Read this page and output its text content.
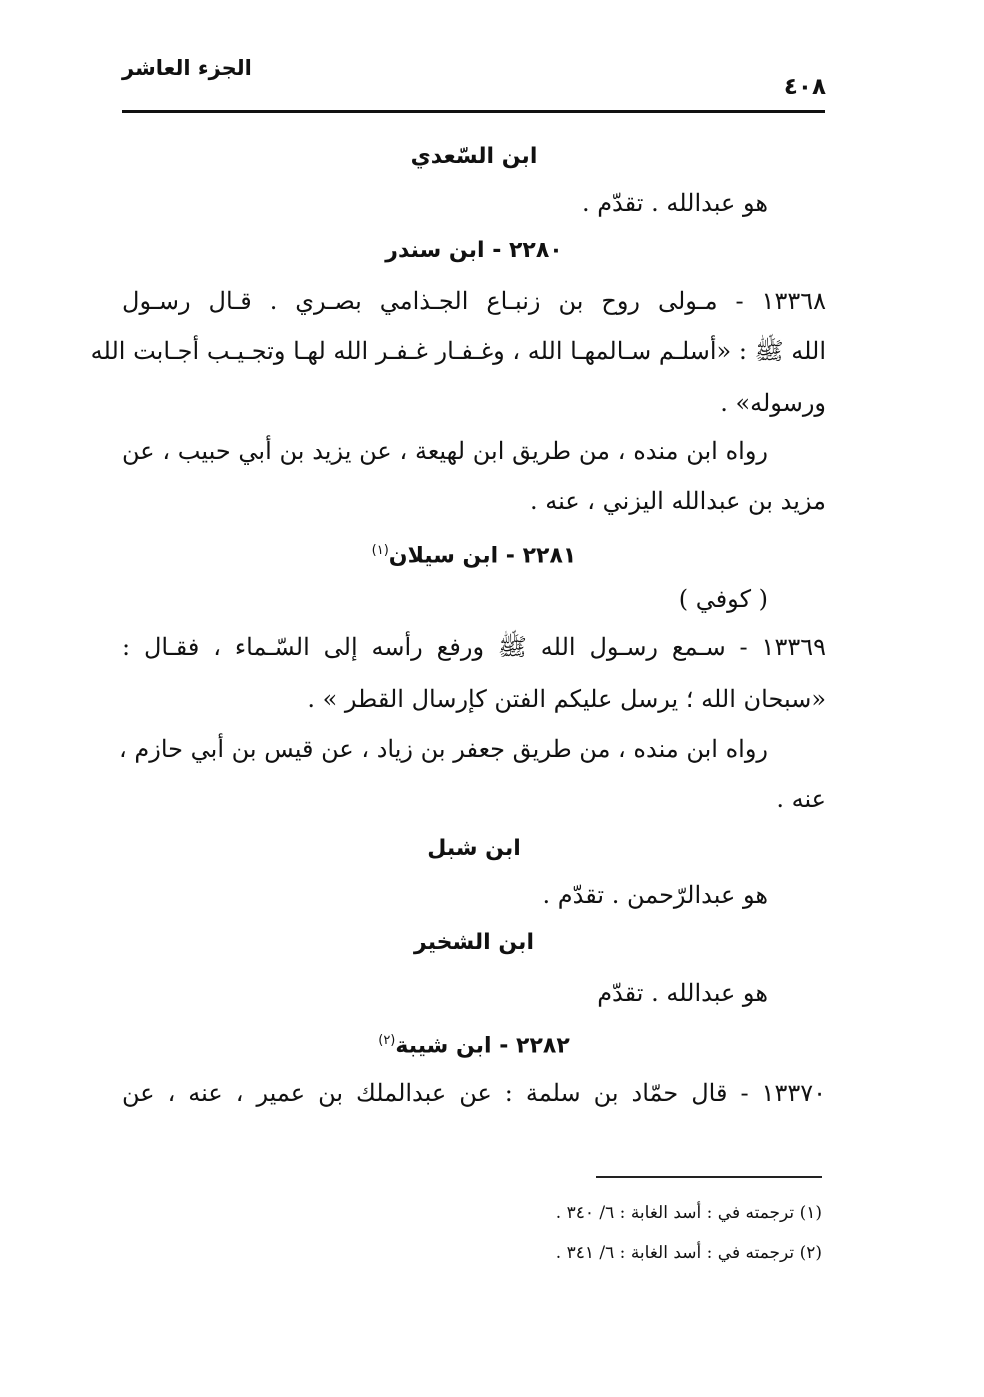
الجزء العاشر
٤٠٨
ابن السّعدي
هو عبدالله . تقدّم .
٢٢٨٠ - ابن سندر
١٣٣٦٨ - مـولى روح بن زنبـاع الجـذامي بصـري . قـال رسـول
الله ﷺ : «أسلـم سـالمهـا الله ، وغـفـار غـفـر الله لهـا وتجـيـب أجـابت الله
ورسوله» .
رواه ابن منده ، من طريق ابن لهيعة ، عن يزيد بن أبي حبيب ، عن
مزيد بن عبدالله اليزني ، عنه .
٢٢٨١ - ابن سيلان$^{(١)}$
( كوفي )
١٣٣٦٩ - سـمع رسـول الله ﷺ ورفع رأسه إلى السّـماء ، فقـال :
«سبحان الله ؛ يرسل عليكم الفتن كإرسال القطر » .
رواه ابن منده ، من طريق جعفر بن زياد ، عن قيس بن أبي حازم ،
عنه .
ابن شبل
هو عبدالرّحمن . تقدّم .
ابن الشخير
هو عبدالله . تقدّم
٢٢٨٢ - ابن شيبة$^{(٢)}$
١٣٣٧٠ - قال حمّاد بن سلمة : عن عبدالملك بن عمير ، عنه ، عن
(١) ترجمته في : أسد الغابة : ٦/ ٣٤٠ .
(٢) ترجمته في : أسد الغابة : ٦/ ٣٤١ .
